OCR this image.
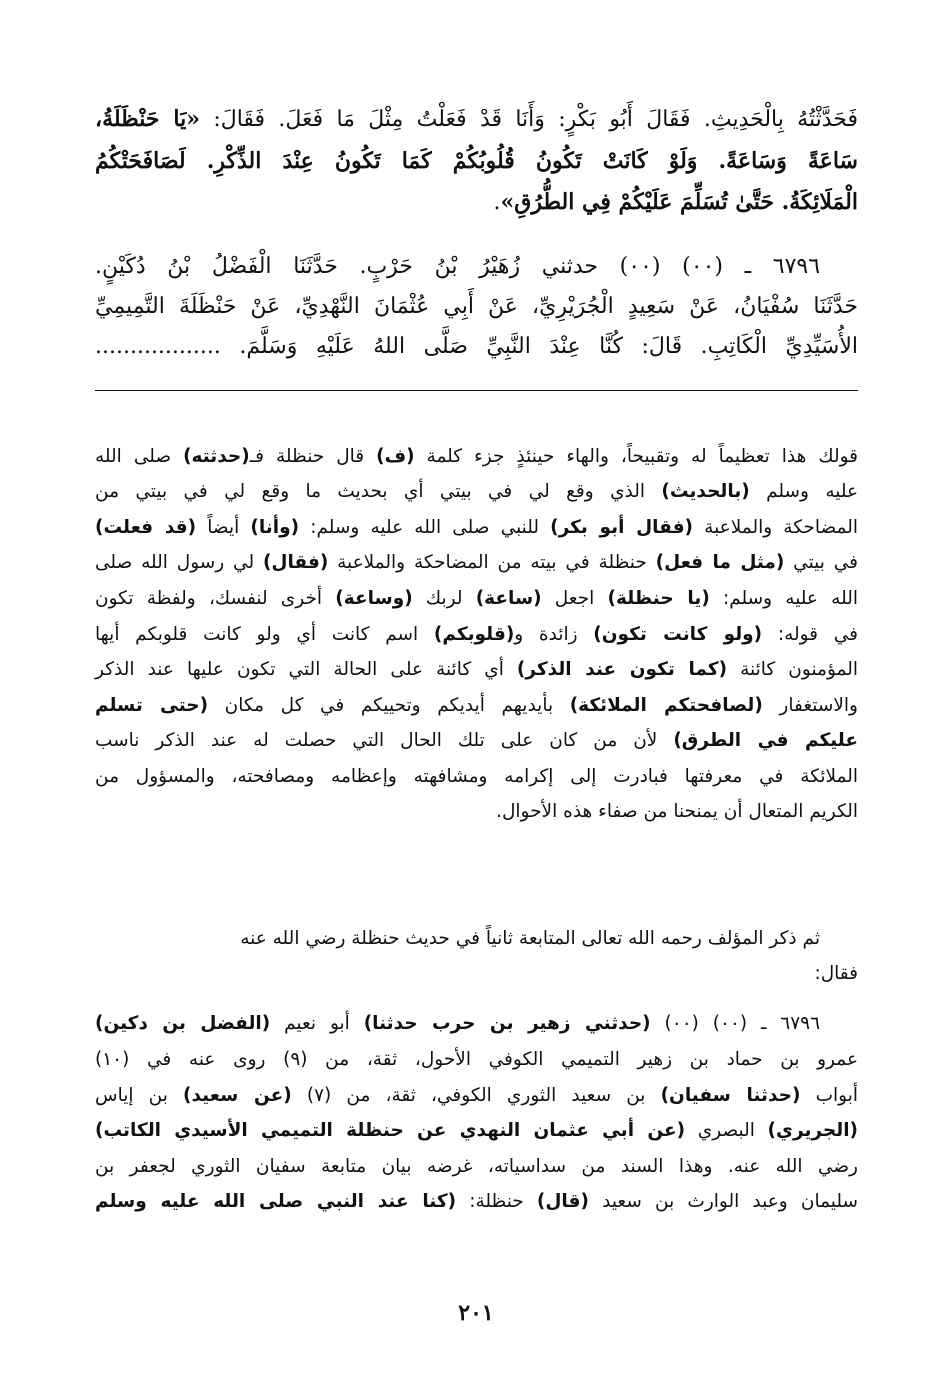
فَحَدَّثْتُهُ بِالْحَدِيثِ. فَقَالَ أَبُو بَكْرٍ: وَأَنَا قَدْ فَعَلْتُ مِثْلَ مَا فَعَلَ. فَقَالَ: «يَا حَنْظَلَةُ،
سَاعَةً وَسَاعَةً. وَلَوْ كَانَتْ تَكُونُ قُلُوبُكُمْ كَمَا تَكُونُ عِنْدَ الذِّكْرِ. لَصَافَحَتْكُمُ
الْمَلَائِكَةُ. حَتَّىٰ تُسَلِّمَ عَلَيْكُمْ فِي الطُّرُقِ».
٦٧٩٦ ـ (٠٠) (٠٠) حدثني زُهَيْرُ بْنُ حَرْبٍ. حَدَّثَنَا الْفَضْلُ بْنُ دُكَيْنٍ.
حَدَّثَنَا سُفْيَانُ، عَنْ سَعِيدٍ الْجُرَيْرِيِّ، عَنْ أَبِي عُثْمَانَ النَّهْدِيِّ، عَنْ حَنْظَلَةَ التَّمِيمِيِّ
الأُسَيِّدِيِّ الْكَاتِبِ. قَالَ: كُنَّا عِنْدَ النَّبِيِّ صَلَّى اللهُ عَلَيْهِ وَسَلَّمَ. ..................
قولك هذا تعظيماً له وتقبيحاً، والهاء حينئذٍ جزء كلمة (ف) قال حنظلة فـ(حدثته) صلى الله
عليه وسلم (بالحديث) الذي وقع لي في بيتي أي بحديث ما وقع لي في بيتي من
المضاحكة والملاعبة (فقال أبو بكر) للنبي صلى الله عليه وسلم: (وأنا) أيضاً (قد فعلت)
في بيتي (مثل ما فعل) حنظلة في بيته من المضاحكة والملاعبة (فقال) لي رسول الله صلى
الله عليه وسلم: (يا حنظلة) اجعل (ساعة) لربك (وساعة) أخرى لنفسك، ولفظة تكون
في قوله: (ولو كانت تكون) زائدة و(قلوبكم) اسم كانت أي ولو كانت قلوبكم أيها
المؤمنون كائنة (كما تكون عند الذكر) أي كائنة على الحالة التي تكون عليها عند الذكر
والاستغفار (لصافحتكم الملائكة) بأيديهم أيديكم وتحييكم في كل مكان (حتى تسلم
عليكم في الطرق) لأن من كان على تلك الحال التي حصلت له عند الذكر ناسب
الملائكة في معرفتها فبادرت إلى إكرامه ومشافهته وإعظامه ومصافحته، والمسؤول من
الكريم المتعال أن يمنحنا من صفاء هذه الأحوال.
ثم ذكر المؤلف رحمه الله تعالى المتابعة ثانياً في حديث حنظلة رضي الله عنه
فقال:
٦٧٩٦ ـ (٠٠) (٠٠) (حدثني زهير بن حرب حدثنا) أبو نعيم (الفضل بن دكين)
عمرو بن حماد بن زهير التميمي الكوفي الأحول، ثقة، من (٩) روى عنه في (١٠)
أبواب (حدثنا سفيان) بن سعيد الثوري الكوفي، ثقة، من (٧) (عن سعيد) بن إياس
(الجريري) البصري (عن أبي عثمان النهدي عن حنظلة التميمي الأسيدي الكاتب)
رضي الله عنه. وهذا السند من سداسياته، غرضه بيان متابعة سفيان الثوري لجعفر بن
سليمان وعبد الوارث بن سعيد (قال) حنظلة: (كنا عند النبي صلى الله عليه وسلم
٢٠١
